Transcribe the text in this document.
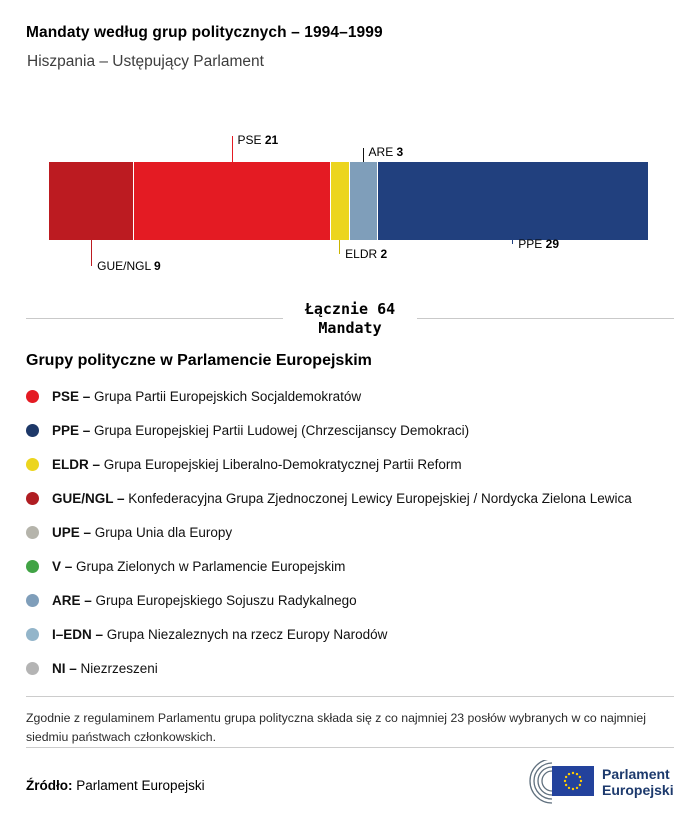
Mandaty według grup politycznych – 1994–1999
Hiszpania – Ustępujący Parlament
GUE/NGL 9
PSE 21
ELDR 2
ARE 3
PPE 29
Łącznie 64
Mandaty
Grupy polityczne w Parlamencie Europejskim
PSE – Grupa Partii Europejskich Socjaldemokratów
PPE – Grupa Europejskiej Partii Ludowej (Chrzescijanscy Demokraci)
ELDR – Grupa Europejskiej Liberalno-Demokratycznej Partii Reform
GUE/NGL – Konfederacyjna Grupa Zjednoczonej Lewicy Europejskiej / Nordycka Zielona Lewica
UPE – Grupa Unia dla Europy
V – Grupa Zielonych w Parlamencie Europejskim
ARE – Grupa Europejskiego Sojuszu Radykalnego
I–EDN – Grupa Niezaleznych na rzecz Europy Narodów
NI – Niezrzeszeni

Zgodnie z regulaminem Parlamentu grupa polityczna składa się z co najmniej 23 posłów wybranych w co najmniej siedmiu państwach członkowskich.

Źródło: Parlament Europejski

Parlament
Europejski
